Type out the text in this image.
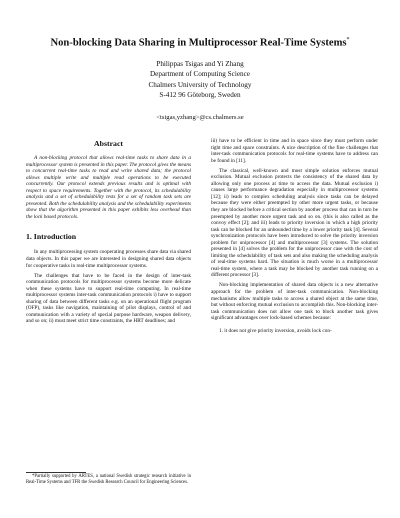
Non-blocking Data Sharing in Multiprocessor Real-Time Systems*
Philippas Tsigas and Yi Zhang
Department of Computing Science
Chalmers University of Technology
S-412 96 Göteborg, Sweden
<tsigas,yzhang>@cs.chalmers.se
Abstract

A non-blocking protocol that allows real-time tasks to share data in a multiprocessor system is presented in this paper. The protocol gives the means to concurrent real-time tasks to read and write shared data; the protocol allows multiple write and multiple read operations to be executed concurrently. Our protocol extends previous results and is optimal with respect to space requirements. Together with the protocol, its schedulability analysis and a set of schedulability tests for a set of random task sets are presented. Both the schedulability analysis and the schedulability experiments show that the algorithm presented in this paper exhibits less overhead than the lock based protocols.

1. Introduction

In any multiprocessing system cooperating processes share data via shared data objects. In this paper we are interested in designing shared data objects for cooperative tasks in real-time multiprocessor systems.

The challenges that have to be faced in the design of inter-task communication protocols for multiprocessor systems become more delicate when these systems have to support real-time computing. In real-time multiprocessor systems inter-task communication protocols i) have to support sharing of data between different tasks e.g. on an operational flight program (OFP), tasks like navigation, maintaining of pilot displays, control of and communication with a variety of special purpose hardware, weapon delivery, and so on; ii) must meet strict time constraints, the HRT deadlines; and

*Partially supported by ARTES, a national Swedish strategic research initiative in Real-Time Systems and TFR the Swedish Research Council for Engineering Sciences.

iii) have to be efficient in time and in space since they must perform under tight time and space constraints. A nice description of the fine challenges that inter-task communication protocols for real-time systems have to address can be found in [11].

The classical, well-known and most simple solution enforces mutual exclusion. Mutual exclusion protects the consistency of the shared data by allowing only one process at time to access the data. Mutual exclusion i) causes large performance degradation especially in multiprocessor systems [12]; ii) leads to complex scheduling analysis since tasks can be delayed because they were either preempted by other more urgent tasks, or because they are blocked before a critical section by another process that can in turn be preempted by another more urgent task and so on. (this is also called as the convoy effect [2]; and iii) leads to priority inversion in which a high priority task can be blocked for an unbounded time by a lower priority task [4]. Several synchronization protocols have been introduced to solve the priority inversion problem for uniprocessor [4] and multiprocessor [3] systems. The solution presented in [4] solves the problem for the uniprocessor case with the cost of limiting the schedulability of task sets and also making the scheduling analysis of real-time systems hard. The situation is much worse in a multiprocessor real-time system, where a task may be blocked by another task running on a different processor [3].

Non-blocking implementation of shared data objects is a new alternative approach for the problem of inter-task communication. Non-blocking mechanisms allow multiple tasks to access a shared object at the same time, but without enforcing mutual exclusion to accomplish this. Non-blocking inter-task communication does not allow one task to block another task gives significant advantages over lock-based schemes because:

1. it does not give priority inversion, avoids lock con-
